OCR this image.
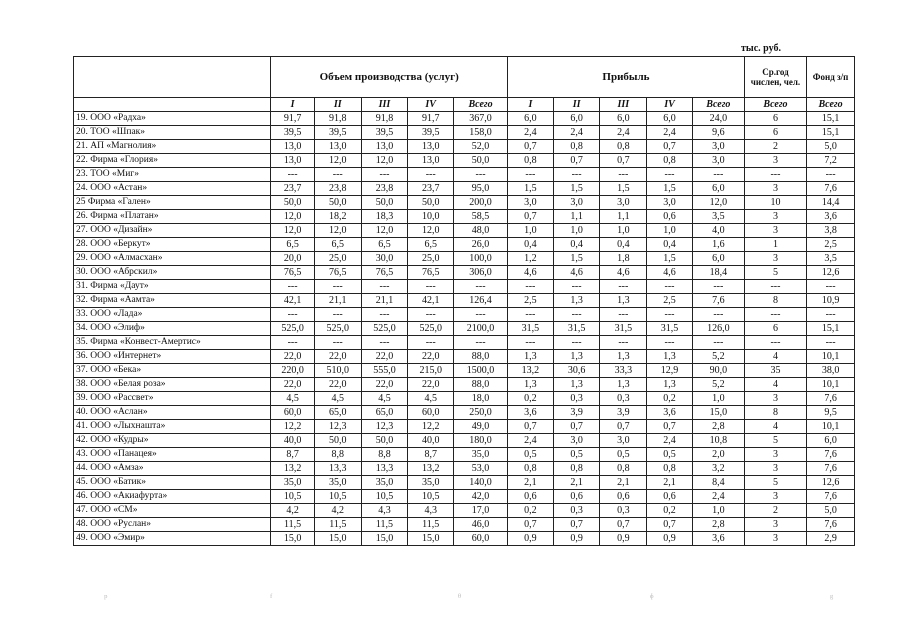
тыс. руб.
	Объем производства (услуг)					Прибыль					Ср.год числен, чел.	Фонд з/п
	I	II	III	IV	Всего	I	II	III	IV	Всего	Всего	Всего
19. ООО «Радха»	91,7	91,8	91,8	91,7	367,0	6,0	6,0	6,0	6,0	24,0	6	15,1
20. ТОО «Шпак»	39,5	39,5	39,5	39,5	158,0	2,4	2,4	2,4	2,4	9,6	6	15,1
21. АП «Магнолия»	13,0	13,0	13,0	13,0	52,0	0,7	0,8	0,8	0,7	3,0	2	5,0
22. Фирма «Глория»	13,0	12,0	12,0	13,0	50,0	0,8	0,7	0,7	0,8	3,0	3	7,2
23. ТОО «Миг»	---	---	---	---	---	---	---	---	---	---	---	---
24. ООО «Астан»	23,7	23,8	23,8	23,7	95,0	1,5	1,5	1,5	1,5	6,0	3	7,6
25 Фирма «Гален»	50,0	50,0	50,0	50,0	200,0	3,0	3,0	3,0	3,0	12,0	10	14,4
26. Фирма «Платан»	12,0	18,2	18,3	10,0	58,5	0,7	1,1	1,1	0,6	3,5	3	3,6
27. ООО «Дизайн»	12,0	12,0	12,0	12,0	48,0	1,0	1,0	1,0	1,0	4,0	3	3,8
28. ООО «Беркут»	6,5	6,5	6,5	6,5	26,0	0,4	0,4	0,4	0,4	1,6	1	2,5
29. ООО «Алмасхан»	20,0	25,0	30,0	25,0	100,0	1,2	1,5	1,8	1,5	6,0	3	3,5
30. ООО «Абрскил»	76,5	76,5	76,5	76,5	306,0	4,6	4,6	4,6	4,6	18,4	5	12,6
31. Фирма «Даут»	---	---	---	---	---	---	---	---	---	---	---	---
32. Фирма «Аамта»	42,1	21,1	21,1	42,1	126,4	2,5	1,3	1,3	2,5	7,6	8	10,9
33. ООО «Лада»	---	---	---	---	---	---	---	---	---	---	---	---
34. ООО «Элиф»	525,0	525,0	525,0	525,0	2100,0	31,5	31,5	31,5	31,5	126,0	6	15,1
35. Фирма «Конвест-Амертис»	---	---	---	---	---	---	---	---	---	---	---	---
36. ООО «Интернет»	22,0	22,0	22,0	22,0	88,0	1,3	1,3	1,3	1,3	5,2	4	10,1
37. ООО «Бека»	220,0	510,0	555,0	215,0	1500,0	13,2	30,6	33,3	12,9	90,0	35	38,0
38. ООО «Белая роза»	22,0	22,0	22,0	22,0	88,0	1,3	1,3	1,3	1,3	5,2	4	10,1
39. ООО «Рассвет»	4,5	4,5	4,5	4,5	18,0	0,2	0,3	0,3	0,2	1,0	3	7,6
40. ООО «Аслан»	60,0	65,0	65,0	60,0	250,0	3,6	3,9	3,9	3,6	15,0	8	9,5
41. ООО «Лыхнашта»	12,2	12,3	12,3	12,2	49,0	0,7	0,7	0,7	0,7	2,8	4	10,1
42. ООО «Кудры»	40,0	50,0	50,0	40,0	180,0	2,4	3,0	3,0	2,4	10,8	5	6,0
43. ООО «Панацея»	8,7	8,8	8,8	8,7	35,0	0,5	0,5	0,5	0,5	2,0	3	7,6
44. ООО «Амза»	13,2	13,3	13,3	13,2	53,0	0,8	0,8	0,8	0,8	3,2	3	7,6
45. ООО «Батик»	35,0	35,0	35,0	35,0	140,0	2,1	2,1	2,1	2,1	8,4	5	12,6
46. ООО «Акиафурта»	10,5	10,5	10,5	10,5	42,0	0,6	0,6	0,6	0,6	2,4	3	7,6
47. ООО «СМ»	4,2	4,2	4,3	4,3	17,0	0,2	0,3	0,3	0,2	1,0	2	5,0
48. ООО «Руслан»	11,5	11,5	11,5	11,5	46,0	0,7	0,7	0,7	0,7	2,8	3	7,6
49. ООО «Эмир»	15,0	15,0	15,0	15,0	60,0	0,9	0,9	0,9	0,9	3,6	3	2,9
ᵖ	ᶠ	ᶿ	ᶲ	ᵍ
